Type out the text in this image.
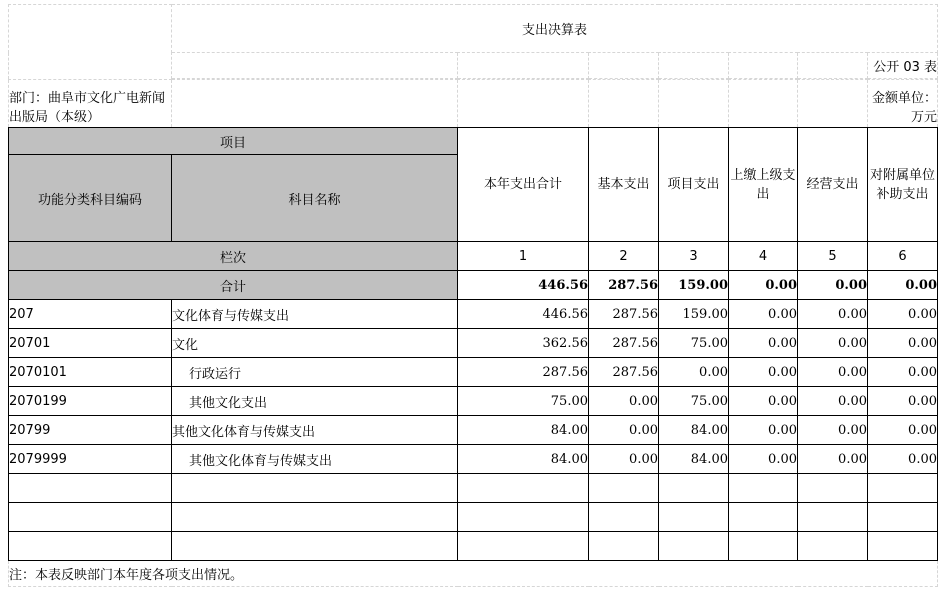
	支出决算表						
							公开 03 表

部门：曲阜市文化广电新闻出版局（本级）							金额单位：万元
项目		本年支出合计	基本支出	项目支出	上缴上级支出	经营支出	对附属单位补助支出
功能分类科目编码	科目名称						
栏次		1	2	3	4	5	6
合计		446.56	287.56	159.00	0.00	0.00	0.00
207	文化体育与传媒支出	446.56	287.56	159.00	0.00	0.00	0.00
20701	文化	362.56	287.56	75.00	0.00	0.00	0.00
2070101	行政运行	287.56	287.56	0.00	0.00	0.00	0.00
2070199	其他文化支出	75.00	0.00	75.00	0.00	0.00	0.00
20799	其他文化体育与传媒支出	84.00	0.00	84.00	0.00	0.00	0.00
2079999	其他文化体育与传媒支出	84.00	0.00	84.00	0.00	0.00	0.00

注：本表反映部门本年度各项支出情况。							
